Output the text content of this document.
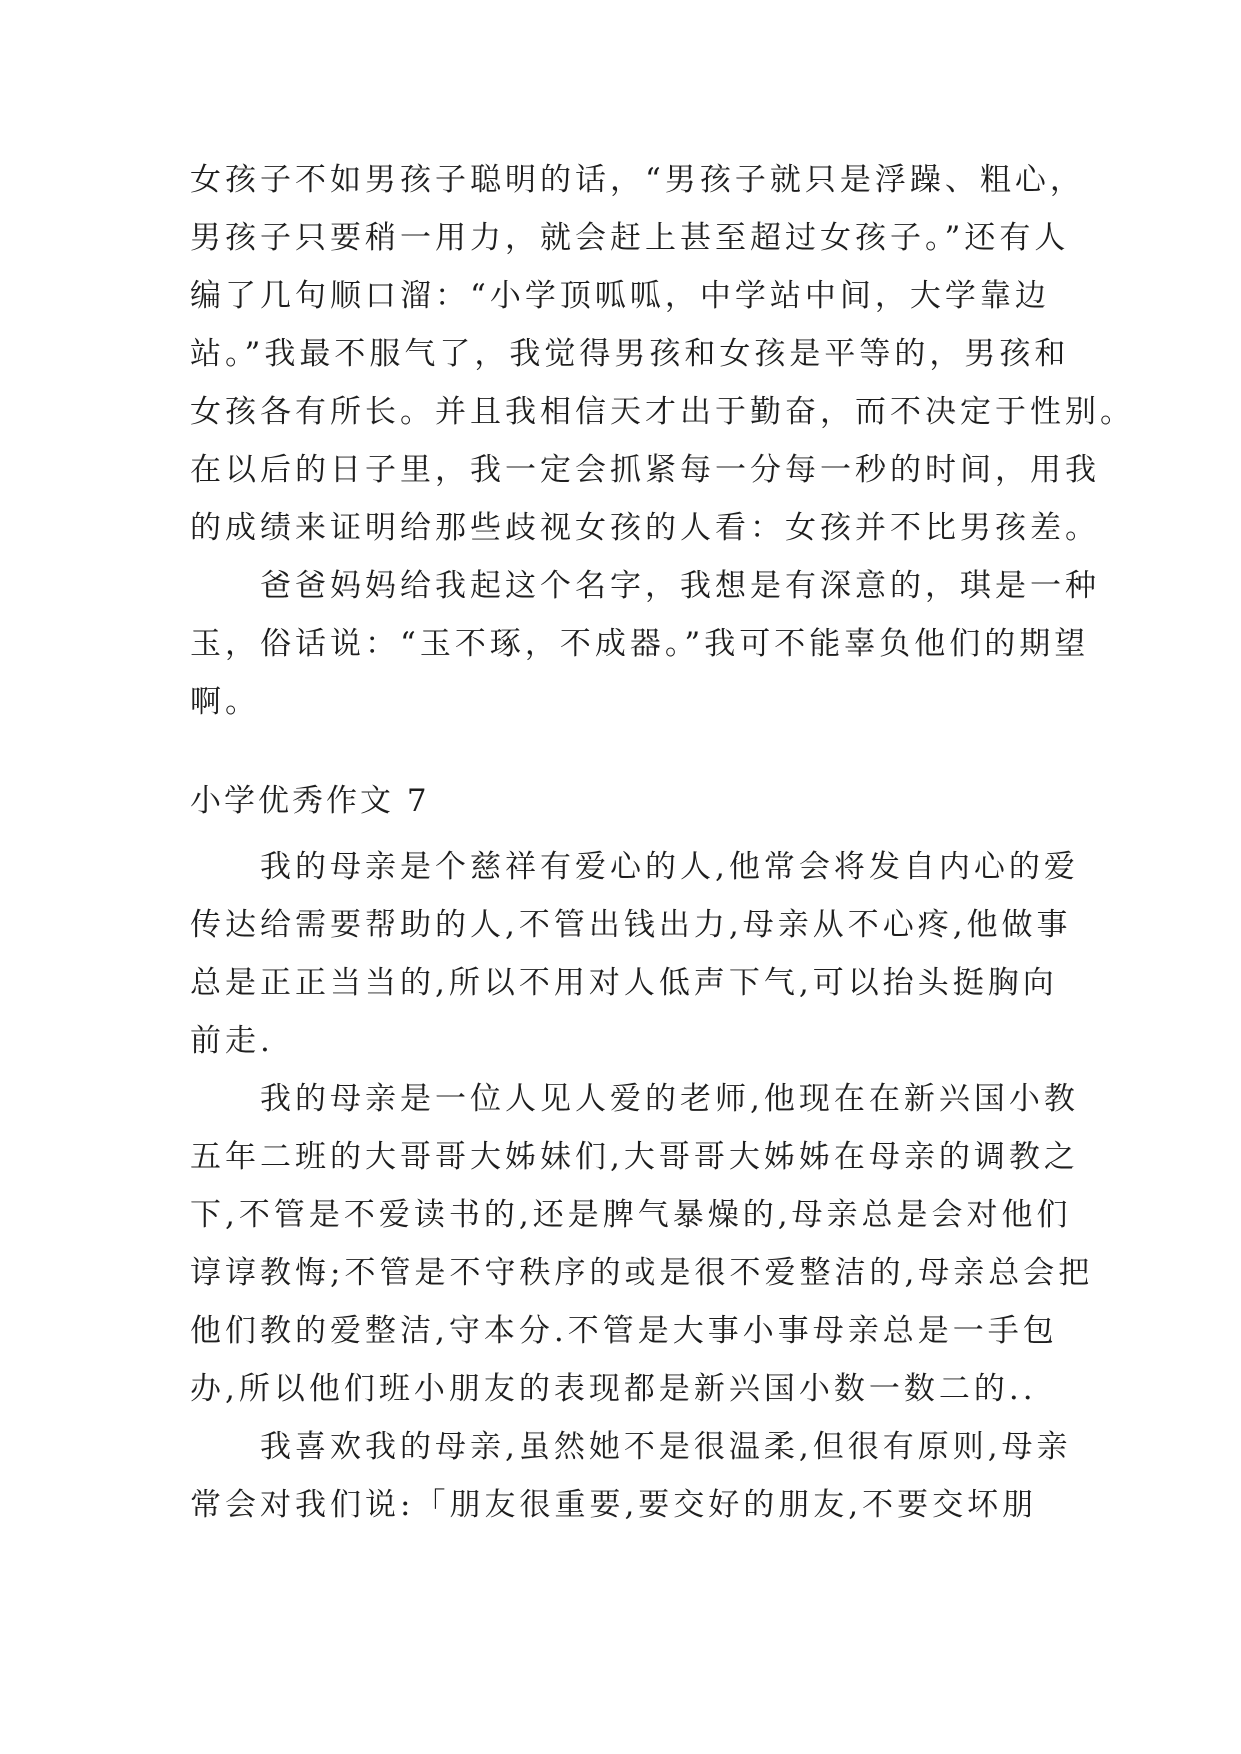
女孩子不如男孩子聪明的话，“男孩子就只是浮躁、粗心，
男孩子只要稍一用力，就会赶上甚至超过女孩子。”还有人
编了几句顺口溜：“小学顶呱呱，中学站中间，大学靠边
站。”我最不服气了，我觉得男孩和女孩是平等的，男孩和
女孩各有所长。并且我相信天才出于勤奋，而不决定于性别。
在以后的日子里，我一定会抓紧每一分每一秒的时间，用我
的成绩来证明给那些歧视女孩的人看：女孩并不比男孩差。
爸爸妈妈给我起这个名字，我想是有深意的，琪是一种
玉，俗话说：“玉不琢，不成器。”我可不能辜负他们的期望
啊。
小学优秀作文 7
我的母亲是个慈祥有爱心的人,他常会将发自内心的爱
传达给需要帮助的人,不管出钱出力,母亲从不心疼,他做事
总是正正当当的,所以不用对人低声下气,可以抬头挺胸向
前走.
我的母亲是一位人见人爱的老师,他现在在新兴国小教
五年二班的大哥哥大姊妹们,大哥哥大姊姊在母亲的调教之
下,不管是不爱读书的,还是脾气暴燥的,母亲总是会对他们
谆谆教悔;不管是不守秩序的或是很不爱整洁的,母亲总会把
他们教的爱整洁,守本分.不管是大事小事母亲总是一手包
办,所以他们班小朋友的表现都是新兴国小数一数二的..
我喜欢我的母亲,虽然她不是很温柔,但很有原则,母亲
常会对我们说:「朋友很重要,要交好的朋友,不要交坏朋
